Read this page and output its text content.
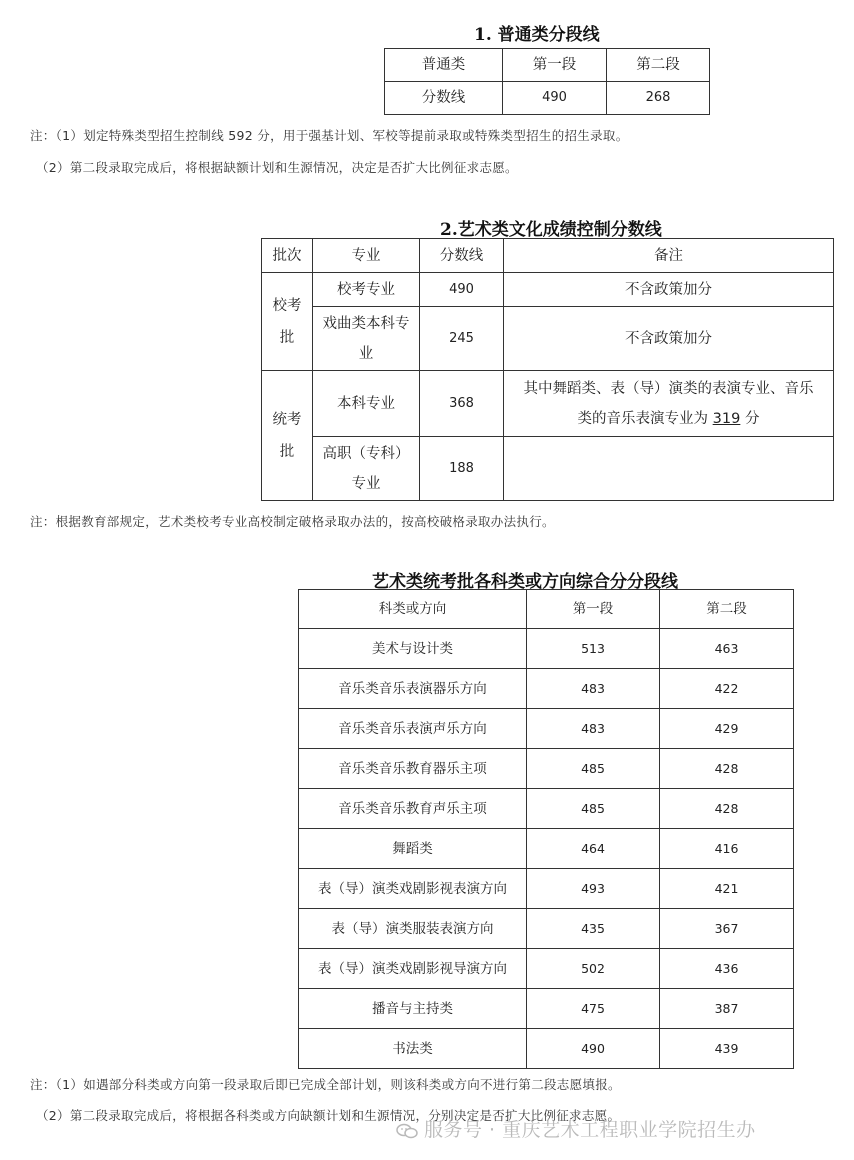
1. 普通类分段线
普通类	第一段	第二段
分数线	490	268
注：（1）划定特殊类型招生控制线 592 分，用于强基计划、军校等提前录取或特殊类型招生的招生录取。
（2）第二段录取完成后，将根据缺额计划和生源情况，决定是否扩大比例征求志愿。
2.艺术类文化成绩控制分数线
批次	专业	分数线	备注
校考批	校考专业	490	不含政策加分
	戏曲类本科专业	245	不含政策加分
统考批	本科专业	368	其中舞蹈类、表（导）演类的表演专业、音乐
类的音乐表演专业为 319 分
	高职（专科）专业	188	
注：根据教育部规定，艺术类校考专业高校制定破格录取办法的，按高校破格录取办法执行。
艺术类统考批各科类或方向综合分分段线
科类或方向	第一段	第二段
美术与设计类	513	463
音乐类音乐表演器乐方向	483	422
音乐类音乐表演声乐方向	483	429
音乐类音乐教育器乐主项	485	428
音乐类音乐教育声乐主项	485	428
舞蹈类	464	416
表（导）演类戏剧影视表演方向	493	421
表（导）演类服装表演方向	435	367
表（导）演类戏剧影视导演方向	502	436
播音与主持类	475	387
书法类	490	439
注：（1）如遇部分科类或方向第一段录取后即已完成全部计划，则该科类或方向不进行第二段志愿填报。
（2）第二段录取完成后，将根据各科类或方向缺额计划和生源情况，分别决定是否扩大比例征求志愿。
服务号 · 重庆艺术工程职业学院招生办
